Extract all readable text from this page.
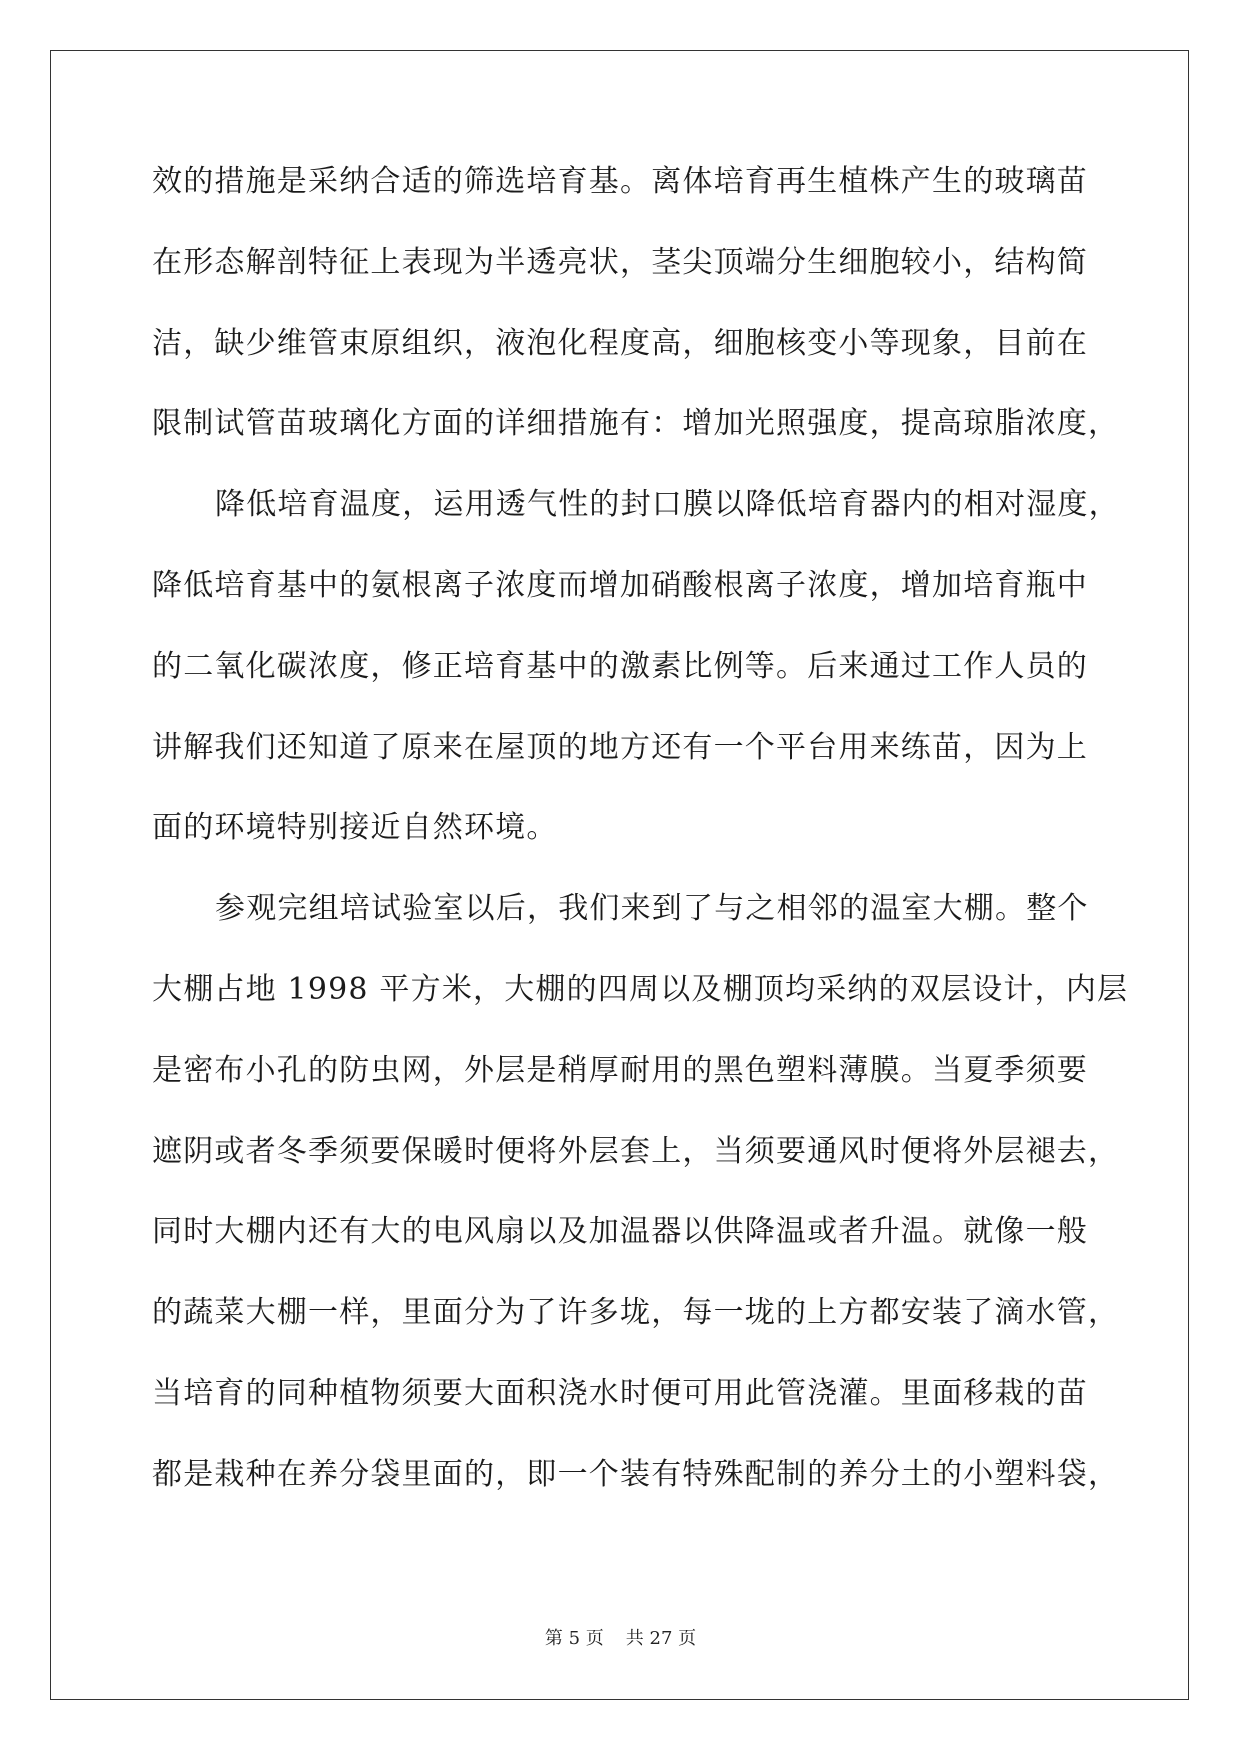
效的措施是采纳合适的筛选培育基。离体培育再生植株产生的玻璃苗
在形态解剖特征上表现为半透亮状，茎尖顶端分生细胞较小，结构简
洁，缺少维管束原组织，液泡化程度高，细胞核变小等现象，目前在
限制试管苗玻璃化方面的详细措施有：增加光照强度，提高琼脂浓度，
降低培育温度，运用透气性的封口膜以降低培育器内的相对湿度，
降低培育基中的氨根离子浓度而增加硝酸根离子浓度，增加培育瓶中
的二氧化碳浓度，修正培育基中的激素比例等。后来通过工作人员的
讲解我们还知道了原来在屋顶的地方还有一个平台用来练苗，因为上
面的环境特别接近自然环境。
参观完组培试验室以后，我们来到了与之相邻的温室大棚。整个
大棚占地 1998 平方米，大棚的四周以及棚顶均采纳的双层设计，内层
是密布小孔的防虫网，外层是稍厚耐用的黑色塑料薄膜。当夏季须要
遮阴或者冬季须要保暖时便将外层套上，当须要通风时便将外层褪去，
同时大棚内还有大的电风扇以及加温器以供降温或者升温。就像一般
的蔬菜大棚一样，里面分为了许多垅，每一垅的上方都安装了滴水管，
当培育的同种植物须要大面积浇水时便可用此管浇灌。里面移栽的苗
都是栽种在养分袋里面的，即一个装有特殊配制的养分土的小塑料袋，
第 5 页 共 27 页
